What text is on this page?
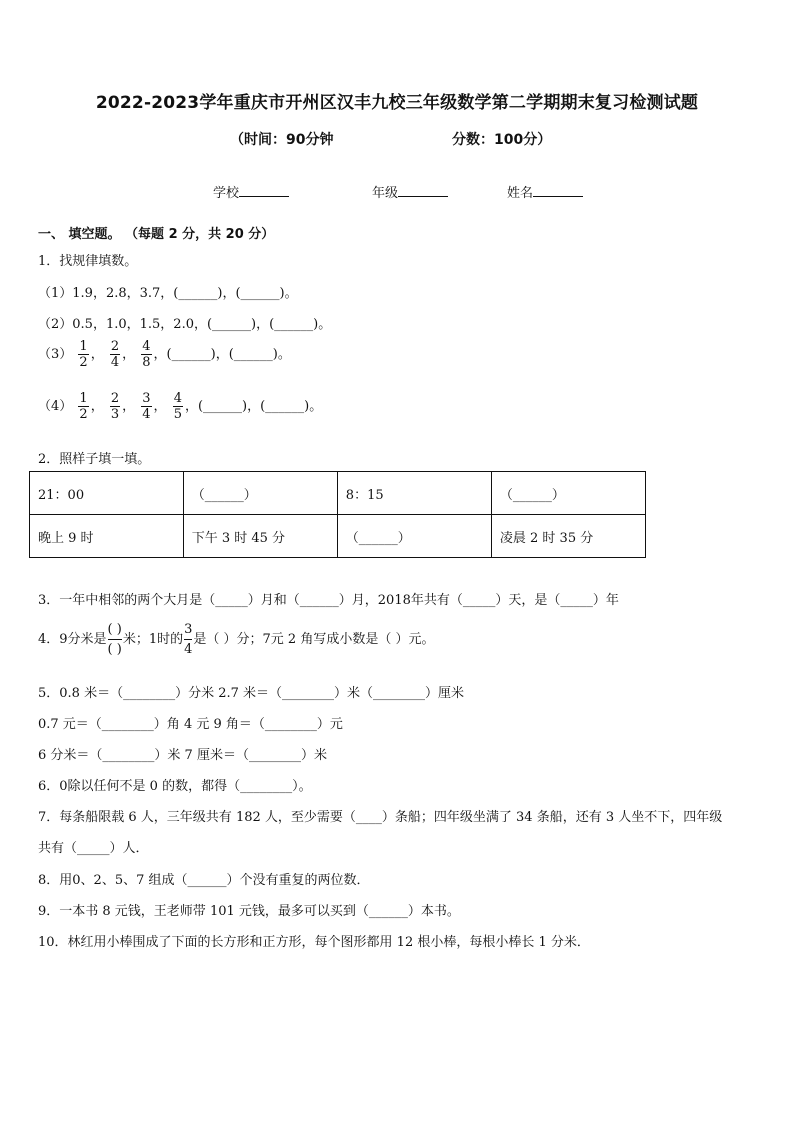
2022-2023学年重庆市开州区汉丰九校三年级数学第二学期期末复习检测试题
（时间：90分钟	分数：100分）
学校	年级	姓名
一、 填空题。 （每题 2 分，共 20 分）
1．找规律填数。
（1）1.9，2.8，3.7，(______)，(______)。
（2）0.5，1.0，1.5，2.0，(______)，(______)。
$(3) \frac{1}{2}$ ， $\frac{2}{4}$ ， $\frac{4}{8}$ ，(______)，(______)。
$(4) \frac{1}{2}$ ， $\frac{2}{3}$ ， $\frac{3}{4}$ ， $\frac{4}{5}$ ，(______)，(______)。
2．照样子填一填。
21：00	（______）	8：15	（______）
晚上 9 时	下午 3 时 45 分	（______）	凌晨 2 时 35 分
3．一年中相邻的两个大月是（_____）月和（______）月，2018年共有（_____）天，是（_____）年
4．9分米是
( )
( )
米；1时的 $\frac{3}{4}$ 是（ ）分；7元 2 角写成小数是（ ）元。
5．0.8 米＝（________）分米 2.7 米＝（________）米（________）厘米
0.7 元＝（________）角 4 元 9 角＝（________）元
6 分米＝（________）米 7 厘米＝（________）米
6．0除以任何不是 0 的数，都得（________）。
7．每条船限载 6 人，三年级共有 182 人，至少需要（____）条船；四年级坐满了 34 条船，还有 3 人坐不下，四年级
共有（_____）人．
8．用0、2、5、7 组成（______）个没有重复的两位数．
9．一本书 8 元钱，王老师带 101 元钱，最多可以买到（______）本书。
10．林红用小棒围成了下面的长方形和正方形，每个图形都用 12 根小棒，每根小棒长 1 分米．
